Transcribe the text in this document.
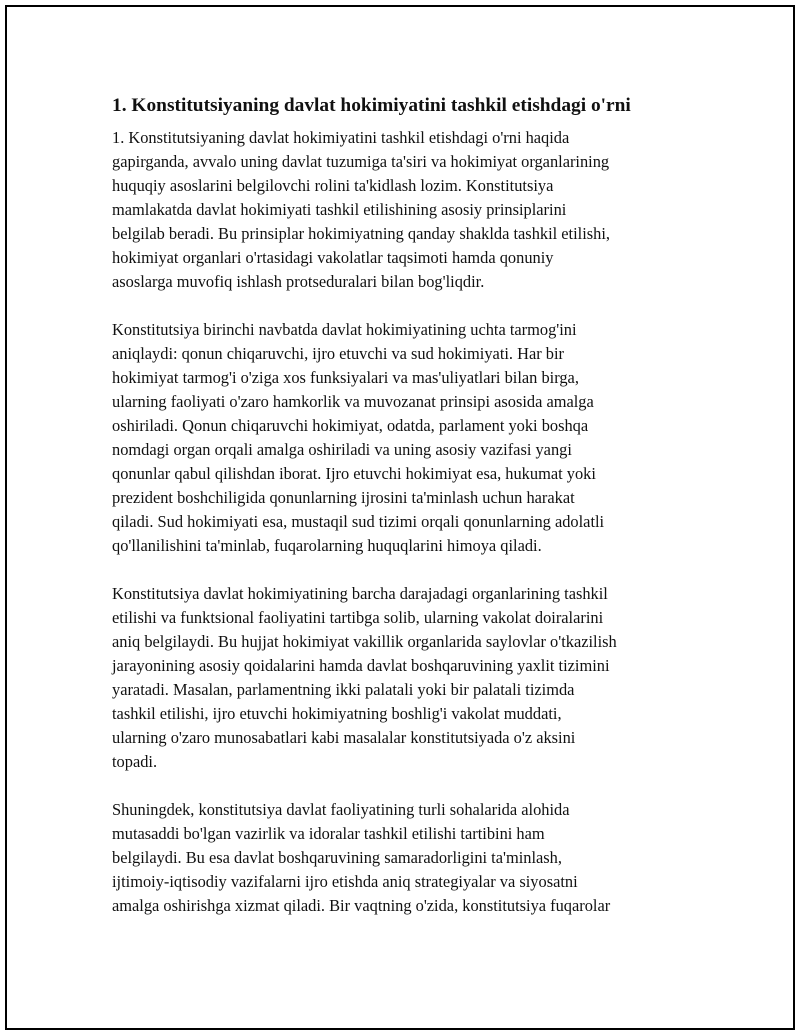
1. Konstitutsiyaning davlat hokimiyatini tashkil etishdagi o'rni

1. Konstitutsiyaning davlat hokimiyatini tashkil etishdagi o'rni haqida
gapirganda, avvalo uning davlat tuzumiga ta'siri va hokimiyat organlarining
huquqiy asoslarini belgilovchi rolini ta'kidlash lozim. Konstitutsiya
mamlakatda davlat hokimiyati tashkil etilishining asosiy prinsiplarini
belgilab beradi. Bu prinsiplar hokimiyatning qanday shaklda tashkil etilishi,
hokimiyat organlari o'rtasidagi vakolatlar taqsimoti hamda qonuniy
asoslarga muvofiq ishlash protseduralari bilan bog'liqdir.

Konstitutsiya birinchi navbatda davlat hokimiyatining uchta tarmog'ini
aniqlaydi: qonun chiqaruvchi, ijro etuvchi va sud hokimiyati. Har bir
hokimiyat tarmog'i o'ziga xos funksiyalari va mas'uliyatlari bilan birga,
ularning faoliyati o'zaro hamkorlik va muvozanat prinsipi asosida amalga
oshiriladi. Qonun chiqaruvchi hokimiyat, odatda, parlament yoki boshqa
nomdagi organ orqali amalga oshiriladi va uning asosiy vazifasi yangi
qonunlar qabul qilishdan iborat. Ijro etuvchi hokimiyat esa, hukumat yoki
prezident boshchiligida qonunlarning ijrosini ta'minlash uchun harakat
qiladi. Sud hokimiyati esa, mustaqil sud tizimi orqali qonunlarning adolatli
qo'llanilishini ta'minlab, fuqarolarning huquqlarini himoya qiladi.

Konstitutsiya davlat hokimiyatining barcha darajadagi organlarining tashkil
etilishi va funktsional faoliyatini tartibga solib, ularning vakolat doiralarini
aniq belgilaydi. Bu hujjat hokimiyat vakillik organlarida saylovlar o'tkazilish
jarayonining asosiy qoidalarini hamda davlat boshqaruvining yaxlit tizimini
yaratadi. Masalan, parlamentning ikki palatali yoki bir palatali tizimda
tashkil etilishi, ijro etuvchi hokimiyatning boshlig'i vakolat muddati,
ularning o'zaro munosabatlari kabi masalalar konstitutsiyada o'z aksini
topadi.

Shuningdek, konstitutsiya davlat faoliyatining turli sohalarida alohida
mutasaddi bo'lgan vazirlik va idoralar tashkil etilishi tartibini ham
belgilaydi. Bu esa davlat boshqaruvining samaradorligini ta'minlash,
ijtimoiy-iqtisodiy vazifalarni ijro etishda aniq strategiyalar va siyosatni
amalga oshirishga xizmat qiladi. Bir vaqtning o'zida, konstitutsiya fuqarolar
